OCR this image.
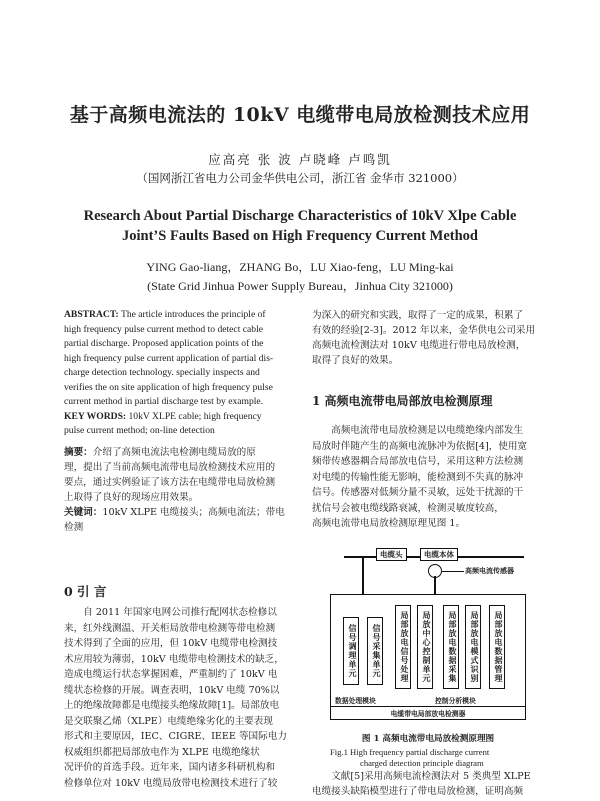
基于高频电流法的 10kV 电缆带电局放检测技术应用
应高亮 张 波 卢晓峰 卢鸣凯
（国网浙江省电力公司金华供电公司，浙江省 金华市 321000）
Research About Partial Discharge Characteristics of 10kV Xlpe Cable
Joint’S Faults Based on High Frequency Current Method
YING Gao-liang，ZHANG Bo，LU Xiao-feng，LU Ming-kai
(State Grid Jinhua Power Supply Bureau，Jinhua City 321000)
ABSTRACT: The article introduces the principle of
high frequency pulse current method to detect cable
partial discharge. Proposed application points of the
high frequency pulse current application of partial dis-
charge detection technology. specially inspects and
verifies the on site application of high frequency pulse
current method in partial discharge test by example.
KEY WORDS: 10kV XLPE cable; high frequency
pulse current method; on-line detection
摘要：介绍了高频电流法电检测电缆局放的原
理，提出了当前高频电流带电局放检测技术应用的
要点，通过实例验证了该方法在电缆带电局放检测
上取得了良好的现场应用效果。
关键词：10kV XLPE 电缆接头；高频电流法；带电
检测
0 引 言
自 2011 年国家电网公司推行配网状态检修以
来，红外线测温、开关柜局放带电检测等带电检测
技术得到了全面的应用，但 10kV 电缆带电检测技
术应用较为薄弱，10kV 电缆带电检测技术的缺乏，
造成电缆运行状态掌握困难，严重制约了 10kV 电
缆状态检修的开展。调查表明，10kV 电缆 70%以
上的绝缘故障都是电缆接头绝缘故障[1]。局部放电
是交联聚乙烯（XLPE）电缆绝缘劣化的主要表现
形式和主要原因，IEC、CIGRE、IEEE 等国际电力
权威组织都把局部放电作为 XLPE 电缆绝缘状
况评价的首选手段。近年来，国内诸多科研机构和
检修单位对 10kV 电缆局放带电检测技术进行了较
为深入的研究和实践，取得了一定的成果，积累了
有效的经验[2-3]。2012 年以来，金华供电公司采用
高频电流检测法对 10kV 电缆进行带电局放检测，
取得了良好的效果。
1 高频电流带电局部放电检测原理
高频电流带电局放检测是以电缆绝缘内部发生
局放时伴随产生的高频电流脉冲为依据[4]，使用宽
频带传感器耦合局部放电信号，采用这种方法检测
对电缆的传输性能无影响，能检测到不失真的脉冲
信号。传感器对低频分量不灵敏，远处干扰源的干
扰信号会被电缆线路衰减，检测灵敏度较高，
高频电流带电局放检测原理见图 1。
电缆头	电缆本体
高频电流传感器
信号调理单元	信号采集单元	局部放电信号处理	局放中心控制单元	局部放电数据采集	局部放电模式识别	局部放电数据管理
数据处理模块	控制分析模块
电缆带电局部放电检测器
图 1 高频电流带电局放检测原理图
Fig.1 High frequency partial discharge current
charged detection principle diagram
文献[5]采用高频电流检测法对 5 类典型 XLPE
电缆接头缺陷模型进行了带电局放检测，证明高频
